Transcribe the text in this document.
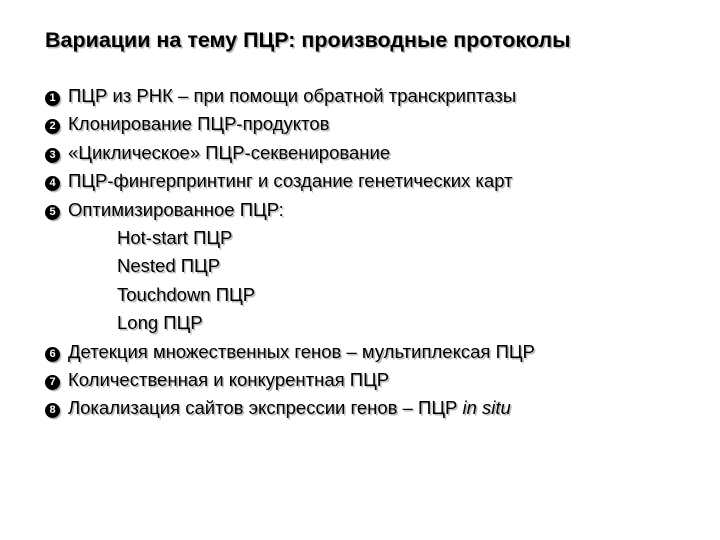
Вариации на тему ПЦР: производные протоколы
1 ПЦР из РНК – при помощи обратной транскриптазы
2 Клонирование ПЦР-продуктов
3 «Циклическое» ПЦР-секвенирование
4 ПЦР-фингерпринтинг и создание генетических карт
5 Оптимизированное ПЦР:
Hot-start ПЦР
Nested ПЦР
Touchdown ПЦР
Long ПЦР
6 Детекция множественных генов – мультиплексая ПЦР
7 Количественная и конкурентная ПЦР
8 Локализация сайтов экспрессии генов – ПЦР in situ
